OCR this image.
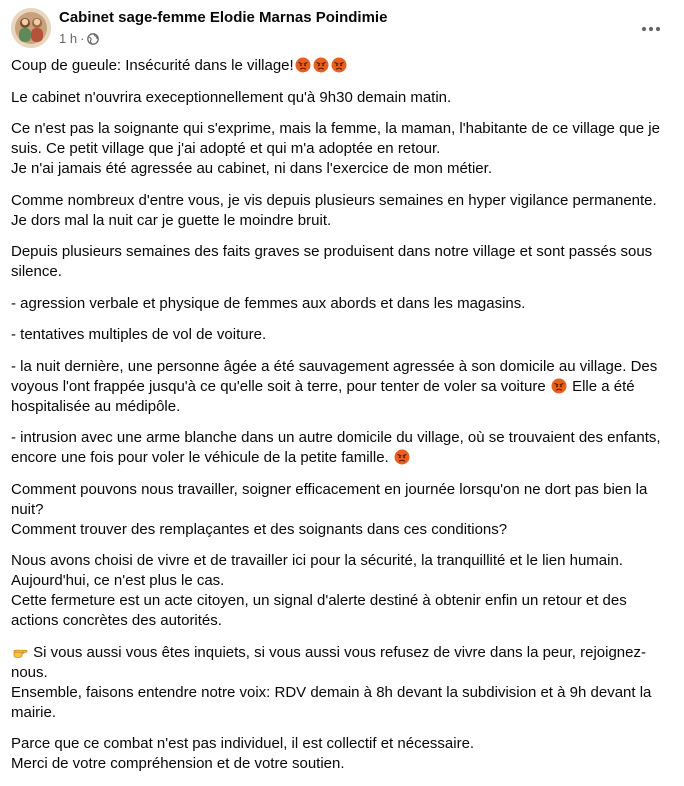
Cabinet sage-femme Elodie Marnas Poindimie
1 h ·

Coup de gueule: Insécurité dans le village!

Le cabinet n'ouvrira execeptionnellement qu'à 9h30 demain matin.

Ce n'est pas la soignante qui s'exprime, mais la femme, la maman, l'habitante de ce village que je suis. Ce petit village que j'ai adopté et qui m'a adoptée en retour.
Je n'ai jamais été agressée au cabinet, ni dans l'exercice de mon métier.

Comme nombreux d'entre vous, je vis depuis plusieurs semaines en hyper vigilance permanente. Je dors mal la nuit car je guette le moindre bruit.

Depuis plusieurs semaines des faits graves se produisent dans notre village et sont passés sous silence.

- agression verbale et physique de femmes aux abords et dans les magasins.

- tentatives multiples de vol de voiture.

- la nuit dernière, une personne âgée a été sauvagement agressée à son domicile au village. Des voyous l'ont frappée jusqu'à ce qu'elle soit à terre, pour tenter de voler sa voiture Elle a été hospitalisée au médipôle.

- intrusion avec une arme blanche dans un autre domicile du village, où se trouvaient des enfants, encore une fois pour voler le véhicule de la petite famille.

Comment pouvons nous travailler, soigner efficacement en journée lorsqu'on ne dort pas bien la nuit?
Comment trouver des remplaçantes et des soignants dans ces conditions?

Nous avons choisi de vivre et de travailler ici pour la sécurité, la tranquillité et le lien humain.
Aujourd'hui, ce n'est plus le cas.
Cette fermeture est un acte citoyen, un signal d'alerte destiné à obtenir enfin un retour et des actions concrètes des autorités.

Si vous aussi vous êtes inquiets, si vous aussi vous refusez de vivre dans la peur, rejoignez-nous.
Ensemble, faisons entendre notre voix: RDV demain à 8h devant la subdivision et à 9h devant la mairie.

Parce que ce combat n'est pas individuel, il est collectif et nécessaire.
Merci de votre compréhension et de votre soutien.
